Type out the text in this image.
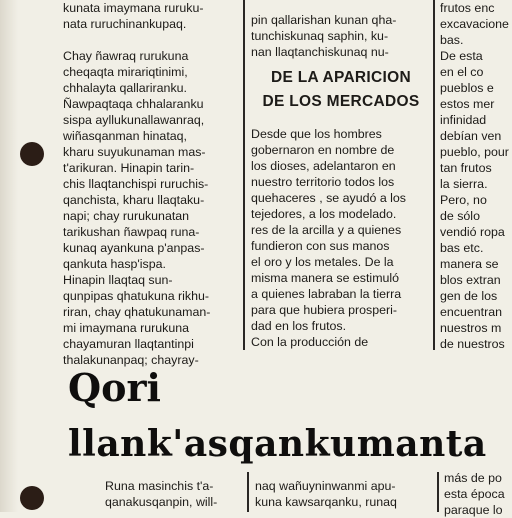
kunata imaymana ruruku-
nata ruruchinankupaq.
Chay ñawraq rurukuna
cheqaqta mirariqtinimi,
chhalayta qallariranku.
Ñawpaqtaqa chhalaranku
sispa ayllukunallawanraq,
wiñasqanman hinataq,
kharu suyukunaman mas-
t'arikuran. Hinapin tarin-
chis llaqtanchispi ruruchis-
qanchista, kharu llaqtaku-
napi; chay rurukunatan
tarikushan ñawpaq runa-
kunaq ayankuna p'anpas-
qankuta hasp'ispa.
Hinapin llaqtaq sun-
qunpipas qhatukuna rikhu-
riran, chay qhatukunaman-
mi imaymana rurukuna
chayamuran llaqtantinpi
thalakunanpaq; chayray-
pin qallarishan kunan qha-
tunchiskunaq saphin, ku-
nan llaqtanchiskunaq nu-
DE LA APARICION
DE LOS MERCADOS
Desde que los hombres
gobernaron en nombre de
los dioses, adelantaron en
nuestro territorio todos los
quehaceres , se ayudó a los
tejedores, a los modelado.
res de la arcilla y a quienes
fundieron con sus manos
el oro y los metales. De la
misma manera se estimuló
a quienes labraban la tierra
para que hubiera prosperi-
dad en los frutos.
Con la producción de
frutos enc
excavacione
bas.
De esta
en el co
pueblos e
estos mer
infinidad
debían ven
pueblo, pour
tan frutos
la sierra.
Pero, no
de sólo
vendió ropa
bas etc.
manera se
blos extran
gen de los
encuentran
nuestros m
de nuestros
Qori
llank'asqankumanta
Runa masinchis t'a-
qanakusqanpin, will-
naq wañuyninwanmi apu-
kuna kawsarqanku, runaq
más de po
esta época
paraque lo
